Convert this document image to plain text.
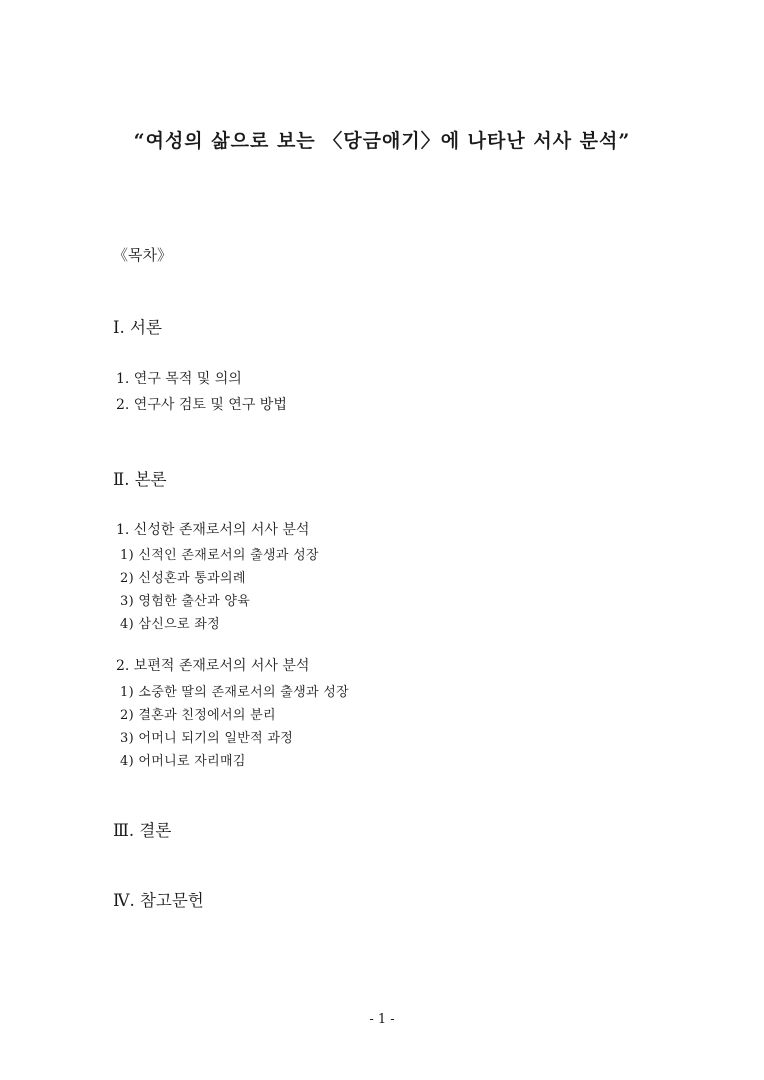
“여성의 삶으로 보는 〈당금애기〉에 나타난 서사 분석”
《목차》
Ⅰ. 서론
1. 연구 목적 및 의의
2. 연구사 검토 및 연구 방법
Ⅱ. 본론
1. 신성한 존재로서의 서사 분석
1) 신적인 존재로서의 출생과 성장
2) 신성혼과 통과의례
3) 영험한 출산과 양육
4) 삼신으로 좌정
2. 보편적 존재로서의 서사 분석
1) 소중한 딸의 존재로서의 출생과 성장
2) 결혼과 친정에서의 분리
3) 어머니 되기의 일반적 과정
4) 어머니로 자리매김
Ⅲ. 결론
Ⅳ. 참고문헌
- 1 -
